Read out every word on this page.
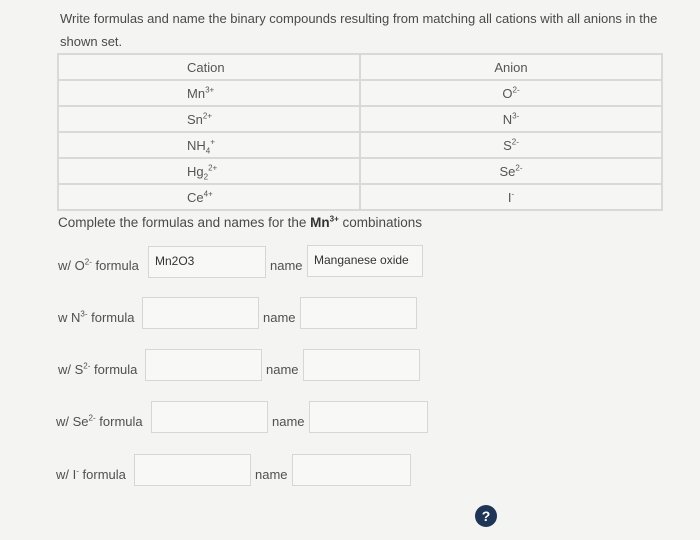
Write formulas and name the binary compounds resulting from matching all cations with all anions in the shown set.
Cation	Anion
$Mn^{3+}$	$O^{2-}$
$Sn^{2+}$	$N^{3-}$
$NH_4^+$	$S^{2-}$
$Hg_2^{2+}$	$Se^{2-}$
$Ce^{4+}$	I-
Complete the formulas and names for the $Mn^{3+}$ combinations
w/ $O^{2-}$ formula	Mn2O3	name Manganese oxide
w $N^{3-}$ formula	name
w/ $S^{2-}$ formula	name
w/ $Se^{2-}$ formula	name
w/ I- formula	name
?
